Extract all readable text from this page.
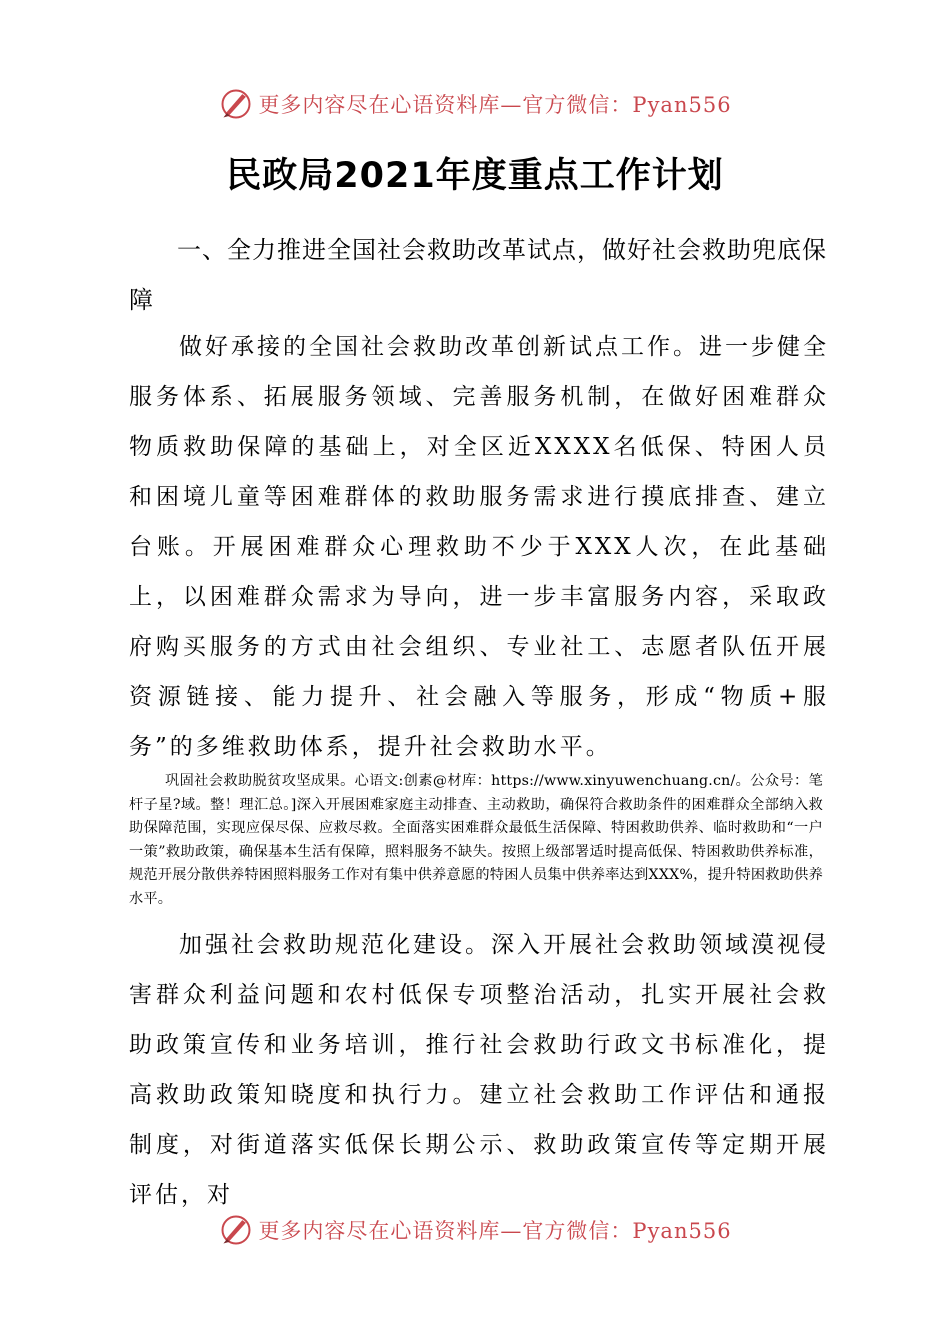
更多内容尽在心语资料库—官方微信：Pyan556
民政局2021年度重点工作计划
一、全力推进全国社会救助改革试点，做好社会救助兜底保障
做好承接的全国社会救助改革创新试点工作。进一步健全服务体系、拓展服务领域、完善服务机制，在做好困难群众物质救助保障的基础上，对全区近XXXX名低保、特困人员和困境儿童等困难群体的救助服务需求进行摸底排查、建立台账。开展困难群众心理救助不少于XXX人次，在此基础上，以困难群众需求为导向，进一步丰富服务内容，采取政府购买服务的方式由社会组织、专业社工、志愿者队伍开展资源链接、能力提升、社会融入等服务，形成“物质+服务”的多维救助体系，提升社会救助水平。
巩固社会救助脱贫攻坚成果。心语文:创素@材库：https://www.xinyuwenchuang.cn/。公众号：笔杆子星?域。整！理汇总。]深入开展困难家庭主动排查、主动救助，确保符合救助条件的困难群众全部纳入救助保障范围，实现应保尽保、应救尽救。全面落实困难群众最低生活保障、特困救助供养、临时救助和“一户一策”救助政策，确保基本生活有保障，照料服务不缺失。按照上级部署适时提高低保、特困救助供养标准，规范开展分散供养特困照料服务工作对有集中供养意愿的特困人员集中供养率达到XXX%，提升特困救助供养水平。
加强社会救助规范化建设。深入开展社会救助领域漠视侵害群众利益问题和农村低保专项整治活动，扎实开展社会救助政策宣传和业务培训，推行社会救助行政文书标准化，提高救助政策知晓度和执行力。建立社会救助工作评估和通报制度，对街道落实低保长期公示、救助政策宣传等定期开展评估，对
更多内容尽在心语资料库—官方微信：Pyan556
